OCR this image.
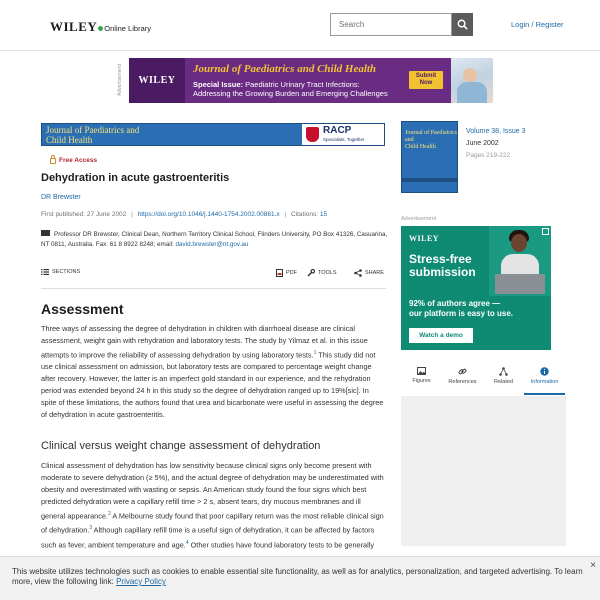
WILEY Online Library	Search	Login / Register
Advertisement WILEY
Journal of Paediatrics and Child Health
Special Issue: Paediatric Urinary Tract Infections:
Addressing the Growing Burden and Emerging Challenges
Submit Now
Journal of Paediatrics and
Child Health
RACP
Specialists. Together
Free Access
Dehydration in acute gastroenteritis
DR Brewster
First published: 27 June 2002 | https://doi.org/10.1046/j.1440-1754.2002.00861.x | Citations: 15
Professor DR Brewster, Clinical Dean, Northern Territory Clinical School, Flinders University, PO Box 41326, Casuarina, NT 0811, Australia. Fax: 61 8 8922 8248; email: david.brewster@nt.gov.au
SECTIONS	PDF	TOOLS	SHARE
Assessment
Three ways of assessing the degree of dehydration in children with diarrhoeal disease are clinical assessment, weight gain with rehydration and laboratory tests. The study by Yilmaz et al. in this issue attempts to improve the reliability of assessing dehydration by using laboratory tests.$^1$ This study did not use clinical assessment on admission, but laboratory tests are compared to percentage weight change after recovery. However, the latter is an imperfect gold standard in our experience, and the rehydration period was extended beyond 24 h in this study so the degree of dehydration ranged up to 19%[sic]. In spite of these limitations, the authors found that urea and bicarbonate were useful in assessing the degree of dehydration in acute gastroenteritis.
Clinical versus weight change assessment of dehydration
Clinical assessment of dehydration has low sensitivity because clinical signs only become present with moderate to severe dehydration (≥ 5%), and the actual degree of dehydration may be underestimated with obesity and overestimated with wasting or sepsis. An American study found the four signs which best predicted dehydration were a capillary refill time > 2 s, absent tears, dry mucous membranes and ill general appearance.$^2$ A Melbourne study found that poor capillary return was the most reliable clinical sign of dehydration.$^3$ Although capillary refill time is a useful sign of dehydration, it can be affected by factors such as fever, ambient temperature and age.$^4$ Other studies have found laboratory tests to be generally
Journal of Paediatrics
and
Child Health
Volume 38, Issue 3
June 2002
Pages 219-222
Advertisement
WILEY
Stress-free
submission
92% of authors agree —
our platform is easy to use.
Watch a demo
Figures	References	Related	Information
This website utilizes technologies such as cookies to enable essential site functionality, as well as for analytics, personalization, and targeted advertising. To learn more, view the following link: Privacy Policy
×
